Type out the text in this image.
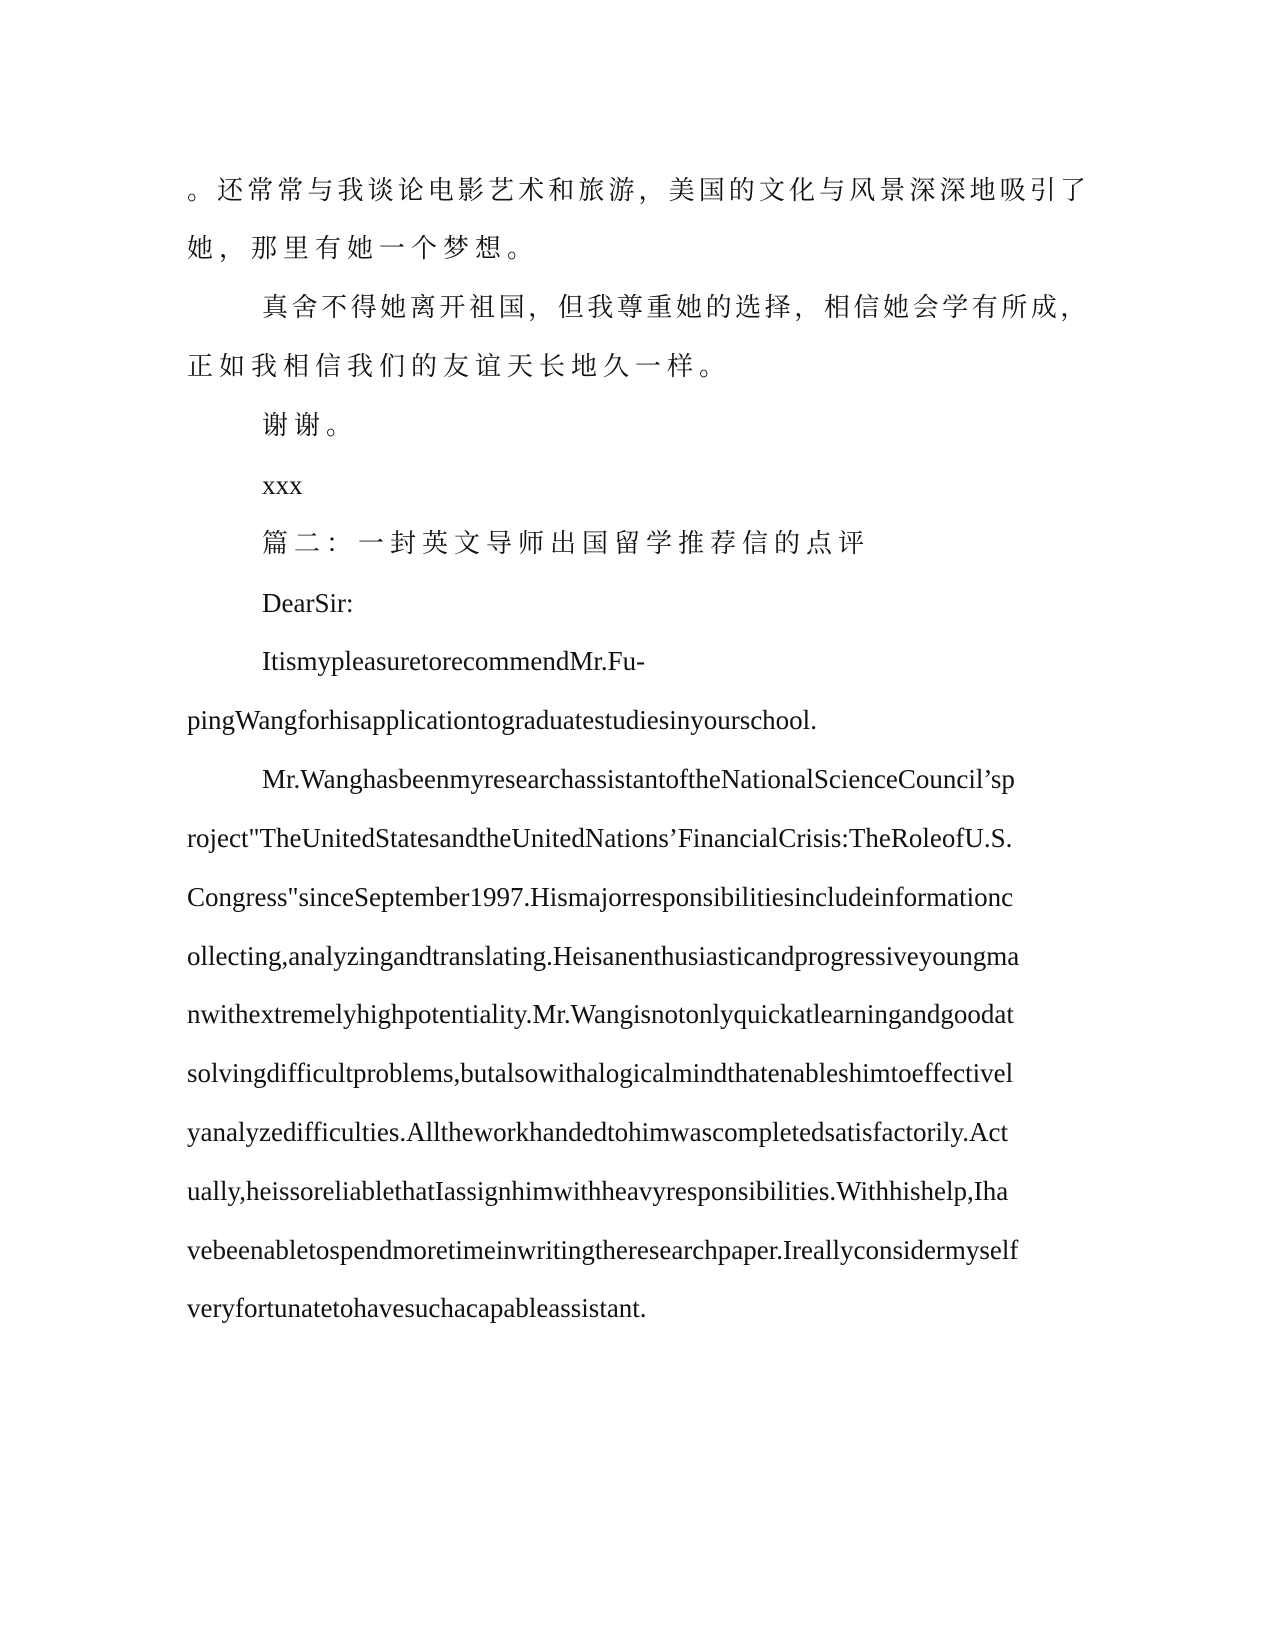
。还常常与我谈论电影艺术和旅游，美国的文化与风景深深地吸引了
她，那里有她一个梦想。
真舍不得她离开祖国，但我尊重她的选择，相信她会学有所成，
正如我相信我们的友谊天长地久一样。
谢谢。
xxx
篇二：一封英文导师出国留学推荐信的点评
DearSir:
ItismypleasuretorecommendMr.Fu-
pingWangforhisapplicationtograduatestudiesinyourschool.
Mr.WanghasbeenmyresearchassistantoftheNationalScienceCouncil’sp
roject"TheUnitedStatesandtheUnitedNations’FinancialCrisis:TheRoleofU.S.
Congress"sinceSeptember1997.Hismajorresponsibilitiesincludeinformationc
ollecting,analyzingandtranslating.Heisanenthusiasticandprogressiveyoungma
nwithextremelyhighpotentiality.Mr.Wangisnotonlyquickatlearningandgoodat
solvingdifficultproblems,butalsowithalogicalmindthatenableshimtoeffectivel
yanalyzedifficulties.Alltheworkhandedtohimwascompletedsatisfactorily.Act
ually,heissoreliablethatIassignhimwithheavyresponsibilities.Withhishelp,Iha
vebeenabletospendmoretimeinwritingtheresearchpaper.Ireallyconsidermyself
veryfortunatetohavesuchacapableassistant.
